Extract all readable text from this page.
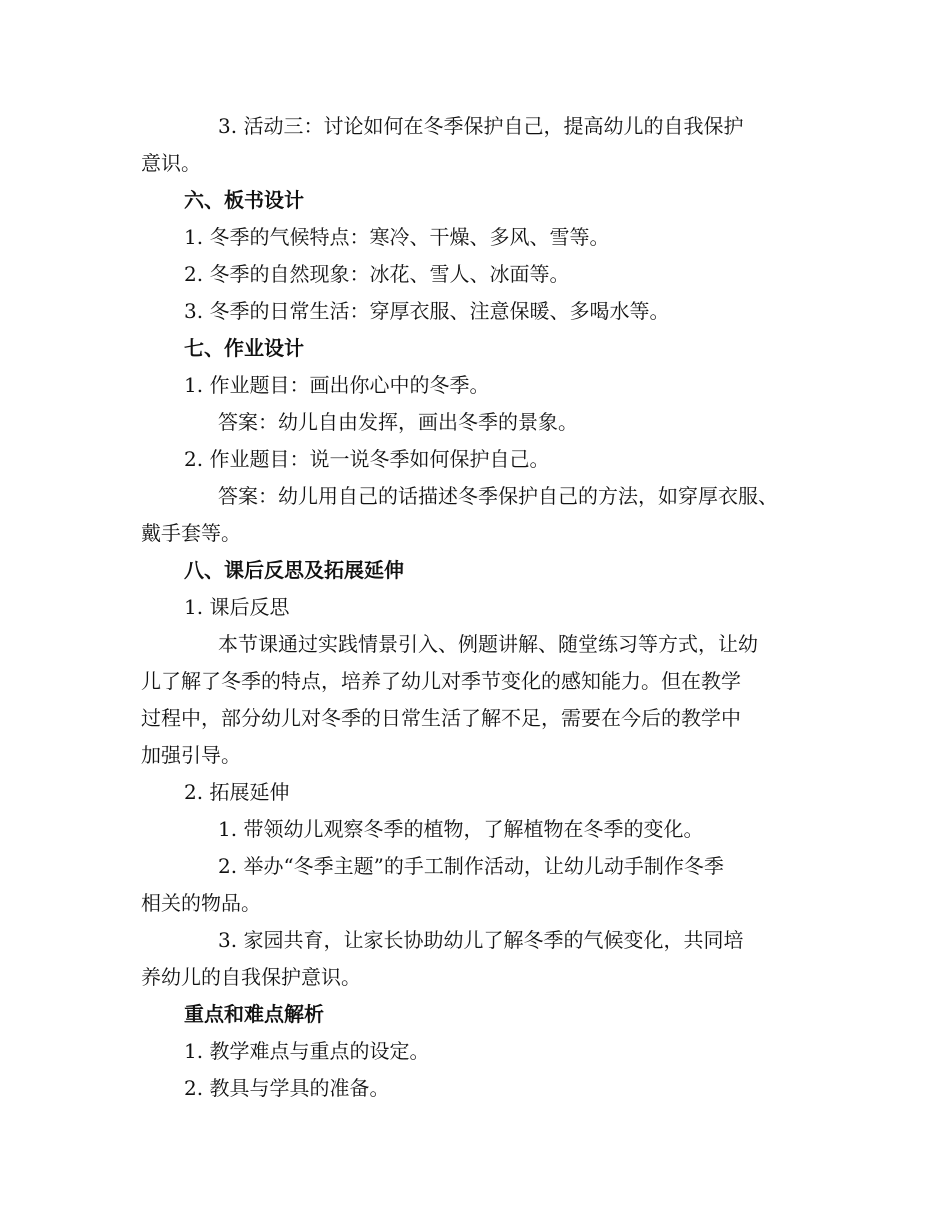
3. 活动三：讨论如何在冬季保护自己，提高幼儿的自我保护
意识。
六、板书设计
1. 冬季的气候特点：寒冷、干燥、多风、雪等。
2. 冬季的自然现象：冰花、雪人、冰面等。
3. 冬季的日常生活：穿厚衣服、注意保暖、多喝水等。
七、作业设计
1. 作业题目：画出你心中的冬季。
答案：幼儿自由发挥，画出冬季的景象。
2. 作业题目：说一说冬季如何保护自己。
答案：幼儿用自己的话描述冬季保护自己的方法，如穿厚衣服、
戴手套等。
八、课后反思及拓展延伸
1. 课后反思
本节课通过实践情景引入、例题讲解、随堂练习等方式，让幼
儿了解了冬季的特点，培养了幼儿对季节变化的感知能力。但在教学
过程中，部分幼儿对冬季的日常生活了解不足，需要在今后的教学中
加强引导。
2. 拓展延伸
1. 带领幼儿观察冬季的植物，了解植物在冬季的变化。
2. 举办“冬季主题”的手工制作活动，让幼儿动手制作冬季
相关的物品。
3. 家园共育，让家长协助幼儿了解冬季的气候变化，共同培
养幼儿的自我保护意识。
重点和难点解析
1. 教学难点与重点的设定。
2. 教具与学具的准备。
